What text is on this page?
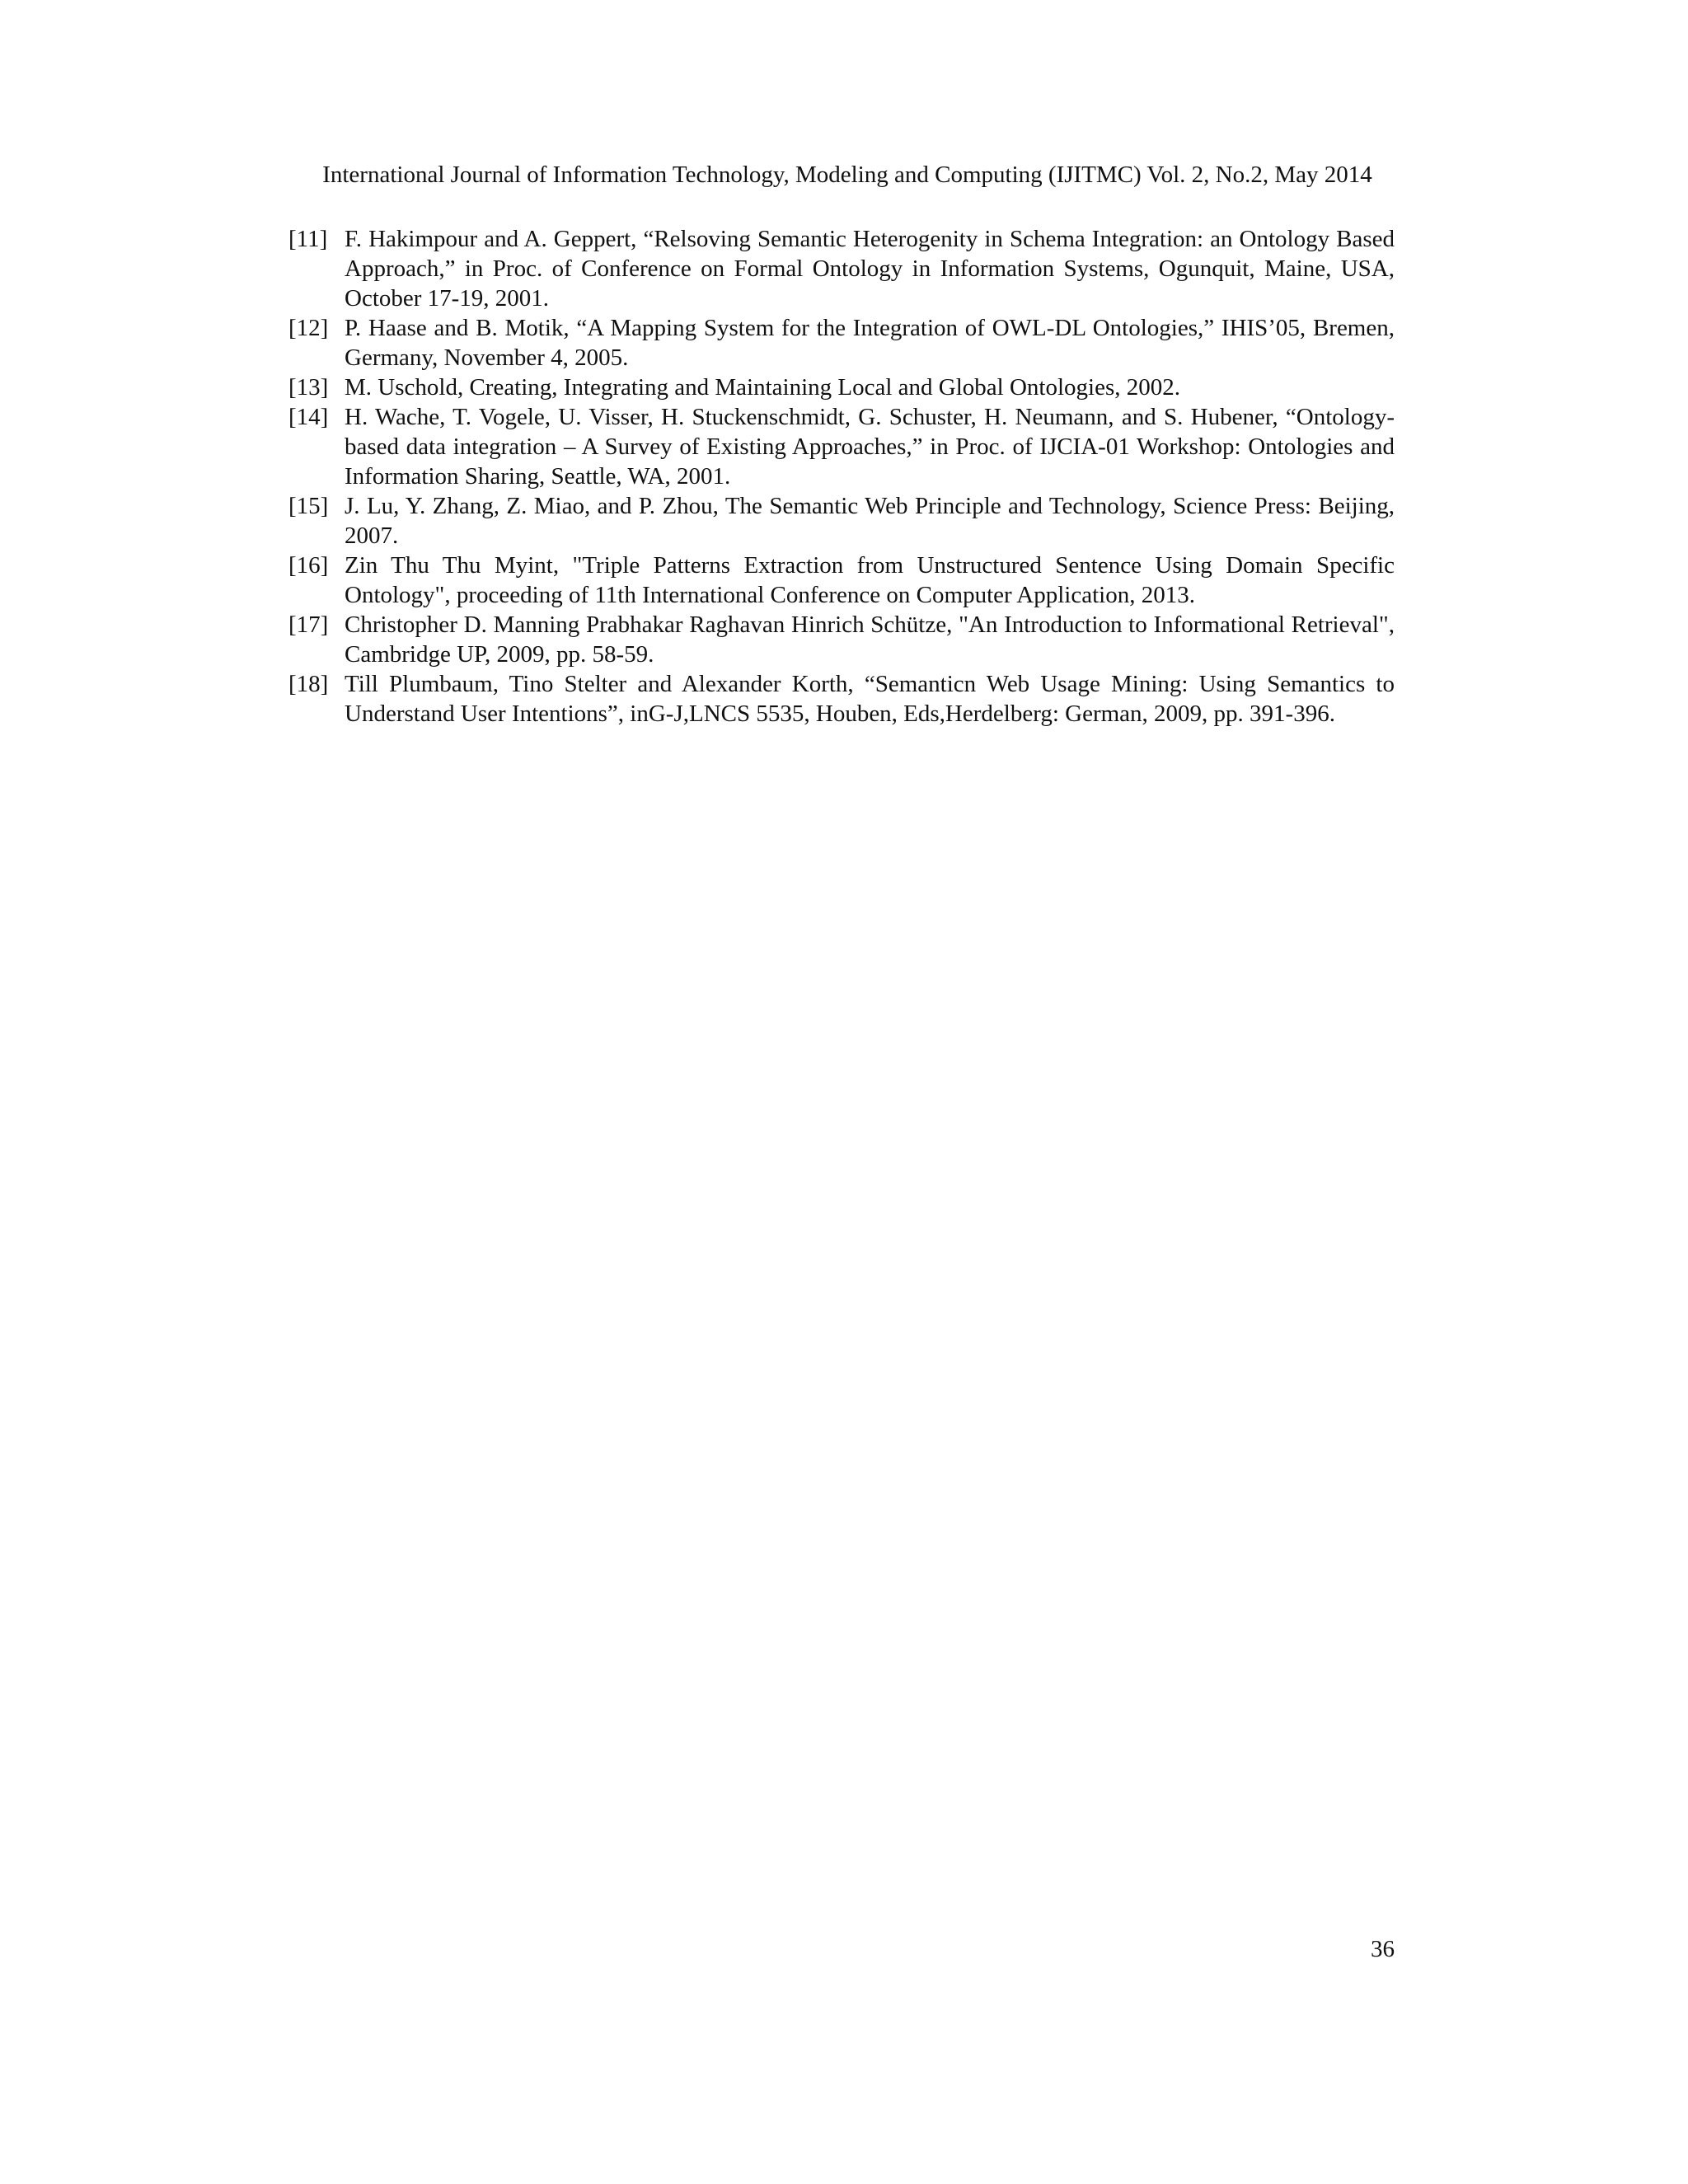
International Journal of Information Technology, Modeling and Computing (IJITMC) Vol. 2, No.2, May 2014
[11] F. Hakimpour and A. Geppert, “Relsoving Semantic Heterogenity in Schema Integration: an Ontology Based Approach,” in Proc. of Conference on Formal Ontology in Information Systems, Ogunquit, Maine, USA, October 17-19, 2001.
[12] P. Haase and B. Motik, “A Mapping System for the Integration of OWL-DL Ontologies,” IHIS’05, Bremen, Germany, November 4, 2005.
[13] M. Uschold, Creating, Integrating and Maintaining Local and Global Ontologies, 2002.
[14] H. Wache, T. Vogele, U. Visser, H. Stuckenschmidt, G. Schuster, H. Neumann, and S. Hubener, “Ontology-based data integration – A Survey of Existing Approaches,” in Proc. of IJCIA-01 Workshop: Ontologies and Information Sharing, Seattle, WA, 2001.
[15] J. Lu, Y. Zhang, Z. Miao, and P. Zhou, The Semantic Web Principle and Technology, Science Press: Beijing, 2007.
[16] Zin Thu Thu Myint, "Triple Patterns Extraction from Unstructured Sentence Using Domain Specific Ontology", proceeding of 11th International Conference on Computer Application, 2013.
[17] Christopher D. Manning Prabhakar Raghavan Hinrich Schütze, "An Introduction to Informational Retrieval", Cambridge UP, 2009, pp. 58-59.
[18] Till Plumbaum, Tino Stelter and Alexander Korth, “Semanticn Web Usage Mining: Using Semantics to Understand User Intentions”, inG-J,LNCS 5535, Houben, Eds,Herdelberg: German, 2009, pp. 391-396.
36
